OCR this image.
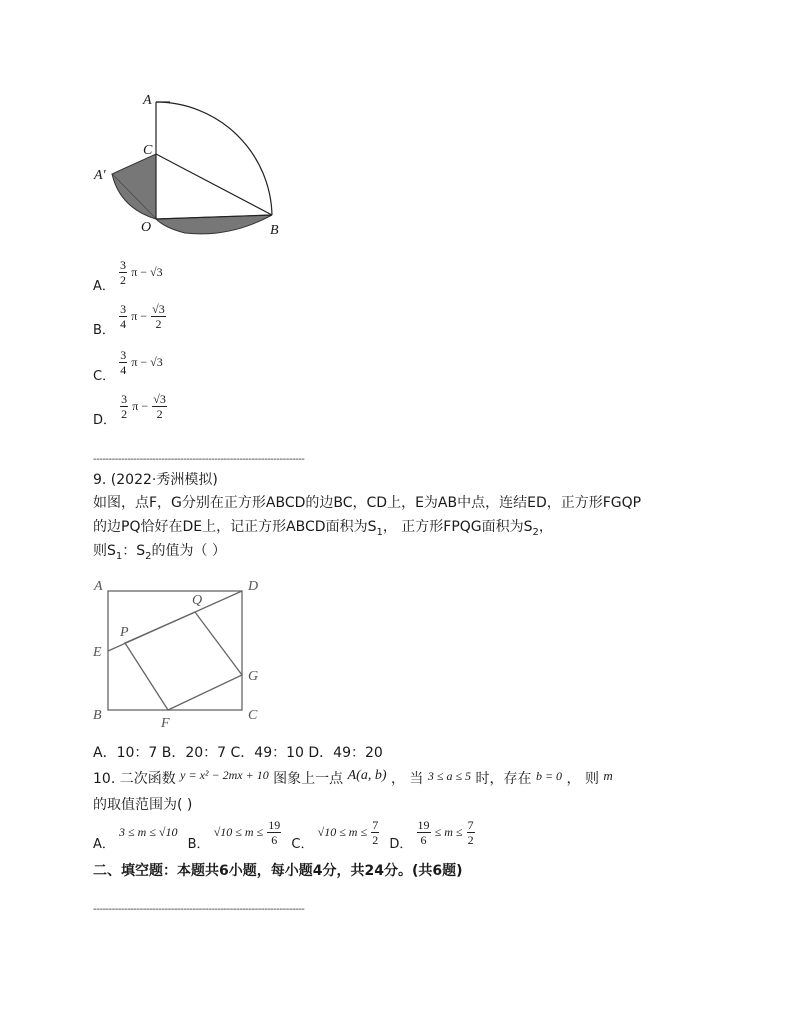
A
C
A′
O	B
A． $\frac{3}{2}$ π − √3
B． $\frac{3}{4}$ $\pi - \frac{√3}{2}$
C． $\frac{3}{4}$ π − √3
D． $\frac{3}{2}$ $\pi - \frac{√3}{2}$
--------------------------------------------------------------------
9. (2022·秀洲模拟)
如图，点F，G分别在正方形ABCD的边BC，CD上，E为AB中点，连结ED，正方形FGQP
的边PQ恰好在DE上，记正方形ABCD面积为$S_1$， 正方形FPQG面积为$S_2$，
则$S_1$：$S_2$的值为（ ）
A	D
Q
P
E
G
B
F
C
A．10：7 B．20：7 C．49：10 D．49：20
10. 二次函数 y = x² − 2mx + 10 图象上一点 A(a, b) ， 当 3 ≤ a ≤ 5 时，存在 b = 0 ， 则 m
的取值范围为( )
A． 3 ≤ m ≤ √10 B． $√10 \le m \le \frac{19}{6}$ C． $√10 \le m \le \frac{7}{2}$ D． $\frac{19}{6} \le m \le \frac{7}{2}$
二、填空题：本题共6小题，每小题4分，共24分。(共6题)
--------------------------------------------------------------------
